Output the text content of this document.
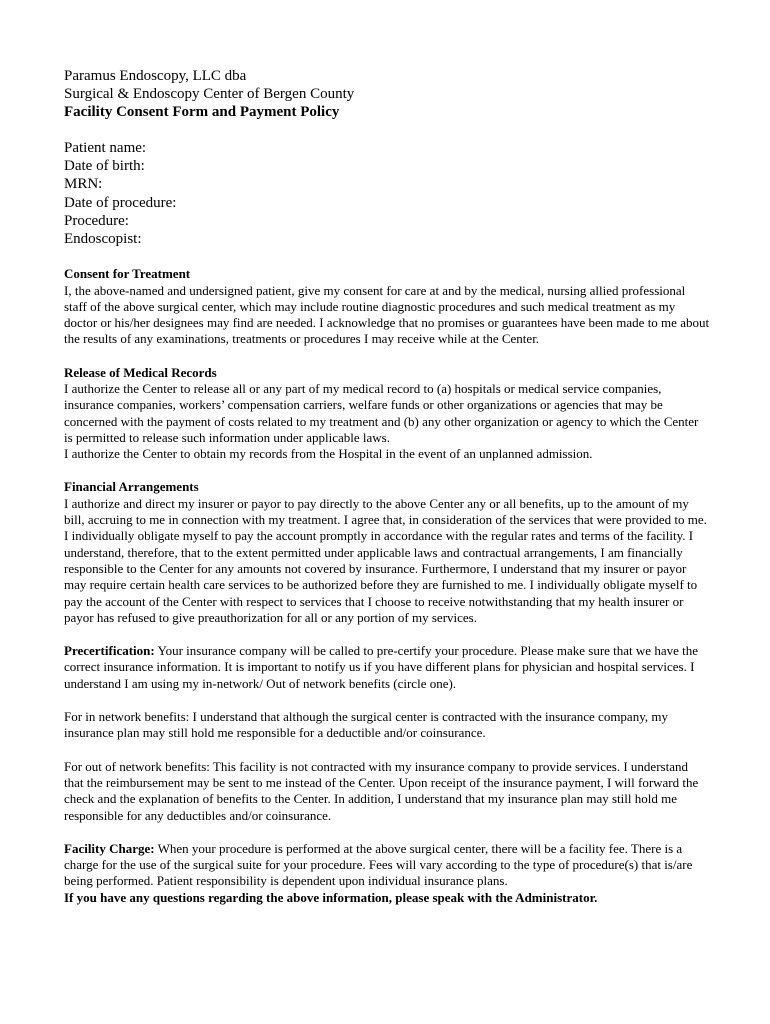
Paramus Endoscopy, LLC dba

Surgical & Endoscopy Center of Bergen County

Facility Consent Form and Payment Policy

Patient name:

Date of birth:

MRN:

Date of procedure:

Procedure:

Endoscopist:

Consent for Treatment

I, the above-named and undersigned patient, give my consent for care at and by the medical, nursing allied professional staff of the above surgical center, which may include routine diagnostic procedures and such medical treatment as my doctor or his/her designees may find are needed. I acknowledge that no promises or guarantees have been made to me about the results of any examinations, treatments or procedures I may receive while at the Center.

Release of Medical Records

I authorize the Center to release all or any part of my medical record to (a) hospitals or medical service companies, insurance companies, workers’ compensation carriers, welfare funds or other organizations or agencies that may be concerned with the payment of costs related to my treatment and (b) any other organization or agency to which the Center is permitted to release such information under applicable laws.

I authorize the Center to obtain my records from the Hospital in the event of an unplanned admission.

Financial Arrangements

I authorize and direct my insurer or payor to pay directly to the above Center any or all benefits, up to the amount of my bill, accruing to me in connection with my treatment. I agree that, in consideration of the services that were provided to me. I individually obligate myself to pay the account promptly in accordance with the regular rates and terms of the facility. I understand, therefore, that to the extent permitted under applicable laws and contractual arrangements, I am financially responsible to the Center for any amounts not covered by insurance. Furthermore, I understand that my insurer or payor may require certain health care services to be authorized before they are furnished to me. I individually obligate myself to pay the account of the Center with respect to services that I choose to receive notwithstanding that my health insurer or payor has refused to give preauthorization for all or any portion of my services.

Precertification: Your insurance company will be called to pre-certify your procedure. Please make sure that we have the correct insurance information. It is important to notify us if you have different plans for physician and hospital services. I understand I am using my in-network/ Out of network benefits (circle one).

For in network benefits: I understand that although the surgical center is contracted with the insurance company, my insurance plan may still hold me responsible for a deductible and/or coinsurance.

For out of network benefits: This facility is not contracted with my insurance company to provide services. I understand that the reimbursement may be sent to me instead of the Center. Upon receipt of the insurance payment, I will forward the check and the explanation of benefits to the Center. In addition, I understand that my insurance plan may still hold me responsible for any deductibles and/or coinsurance.

Facility Charge: When your procedure is performed at the above surgical center, there will be a facility fee. There is a charge for the use of the surgical suite for your procedure. Fees will vary according to the type of procedure(s) that is/are being performed. Patient responsibility is dependent upon individual insurance plans.

If you have any questions regarding the above information, please speak with the Administrator.
